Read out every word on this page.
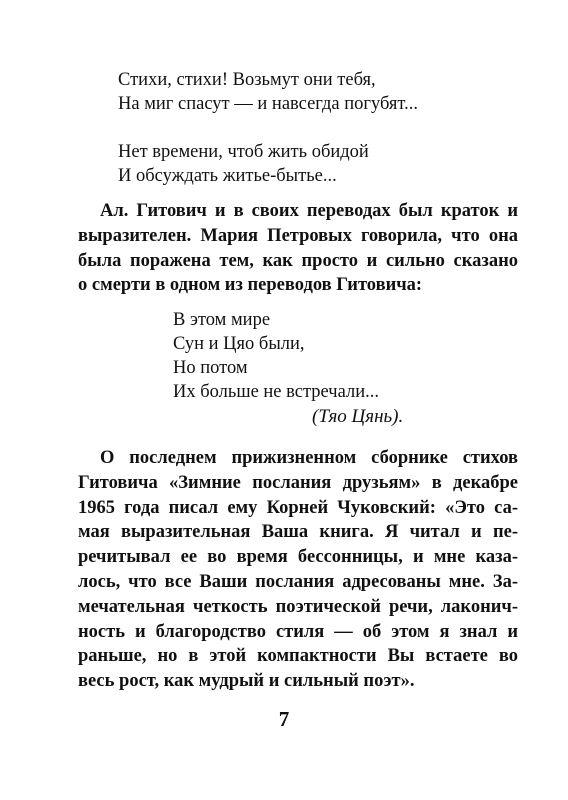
Стихи, стихи! Возьмут они тебя,
На миг спасут — и навсегда погубят...
Нет времени, чтоб жить обидой
И обсуждать житье-бытье...
Ал. Гитович и в своих переводах был краток и
выразителен. Мария Петровых говорила, что она
была поражена тем, как просто и сильно сказано
о смерти в одном из переводов Гитовича:
В этом мире
Сун и Цяо были,
Но потом
Их больше не встречали...
(Тяо Цянь).
О последнем прижизненном сборнике стихов
Гитовича «Зимние послания друзьям» в декабре
1965 года писал ему Корней Чуковский: «Это са-
мая выразительная Ваша книга. Я читал и пе-
речитывал ее во время бессонницы, и мне каза-
лось, что все Ваши послания адресованы мне. За-
мечательная четкость поэтической речи, лаконич-
ность и благородство стиля — об этом я знал и
раньше, но в этой компактности Вы встаете во
весь рост, как мудрый и сильный поэт».
7
